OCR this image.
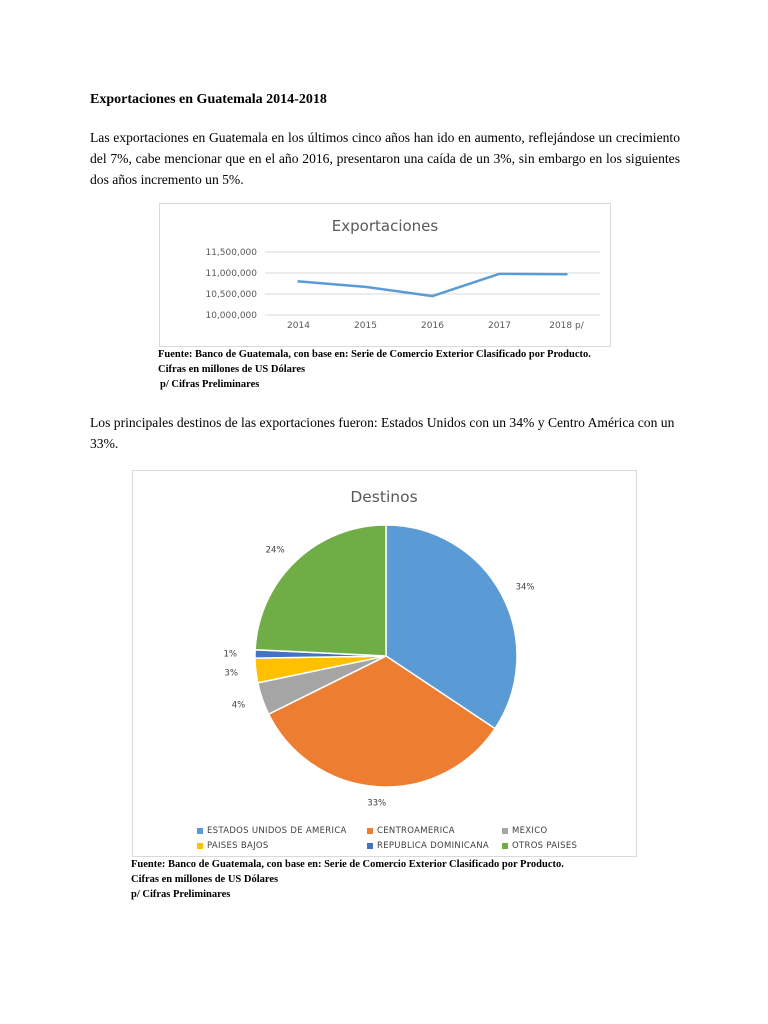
Exportaciones en Guatemala 2014-2018
Las exportaciones en Guatemala en los últimos cinco años han ido en aumento, reflejándose un crecimiento del 7%, cabe mencionar que en el año 2016, presentaron una caída de un 3%, sin embargo en los siguientes dos años incremento un 5%.
Exportaciones
10,000,000
10,500,000
11,000,000
11,500,000
2014	2015	2016	2017	2018 p/
Fuente: Banco de Guatemala, con base en: Serie de Comercio Exterior Clasificado por Producto.
Cifras en millones de US Dólares
p/ Cifras Preliminares
Los principales destinos de las exportaciones fueron: Estados Unidos con un 34% y Centro América con un 33%.
Destinos
34%
33%
4%
3%
1%
24%
ESTADOS UNIDOS DE AMERICA	CENTROAMERICA	MEXICO
PAISES BAJOS	REPUBLICA DOMINICANA	OTROS PAISES
Fuente: Banco de Guatemala, con base en: Serie de Comercio Exterior Clasificado por Producto.
Cifras en millones de US Dólares
p/ Cifras Preliminares
